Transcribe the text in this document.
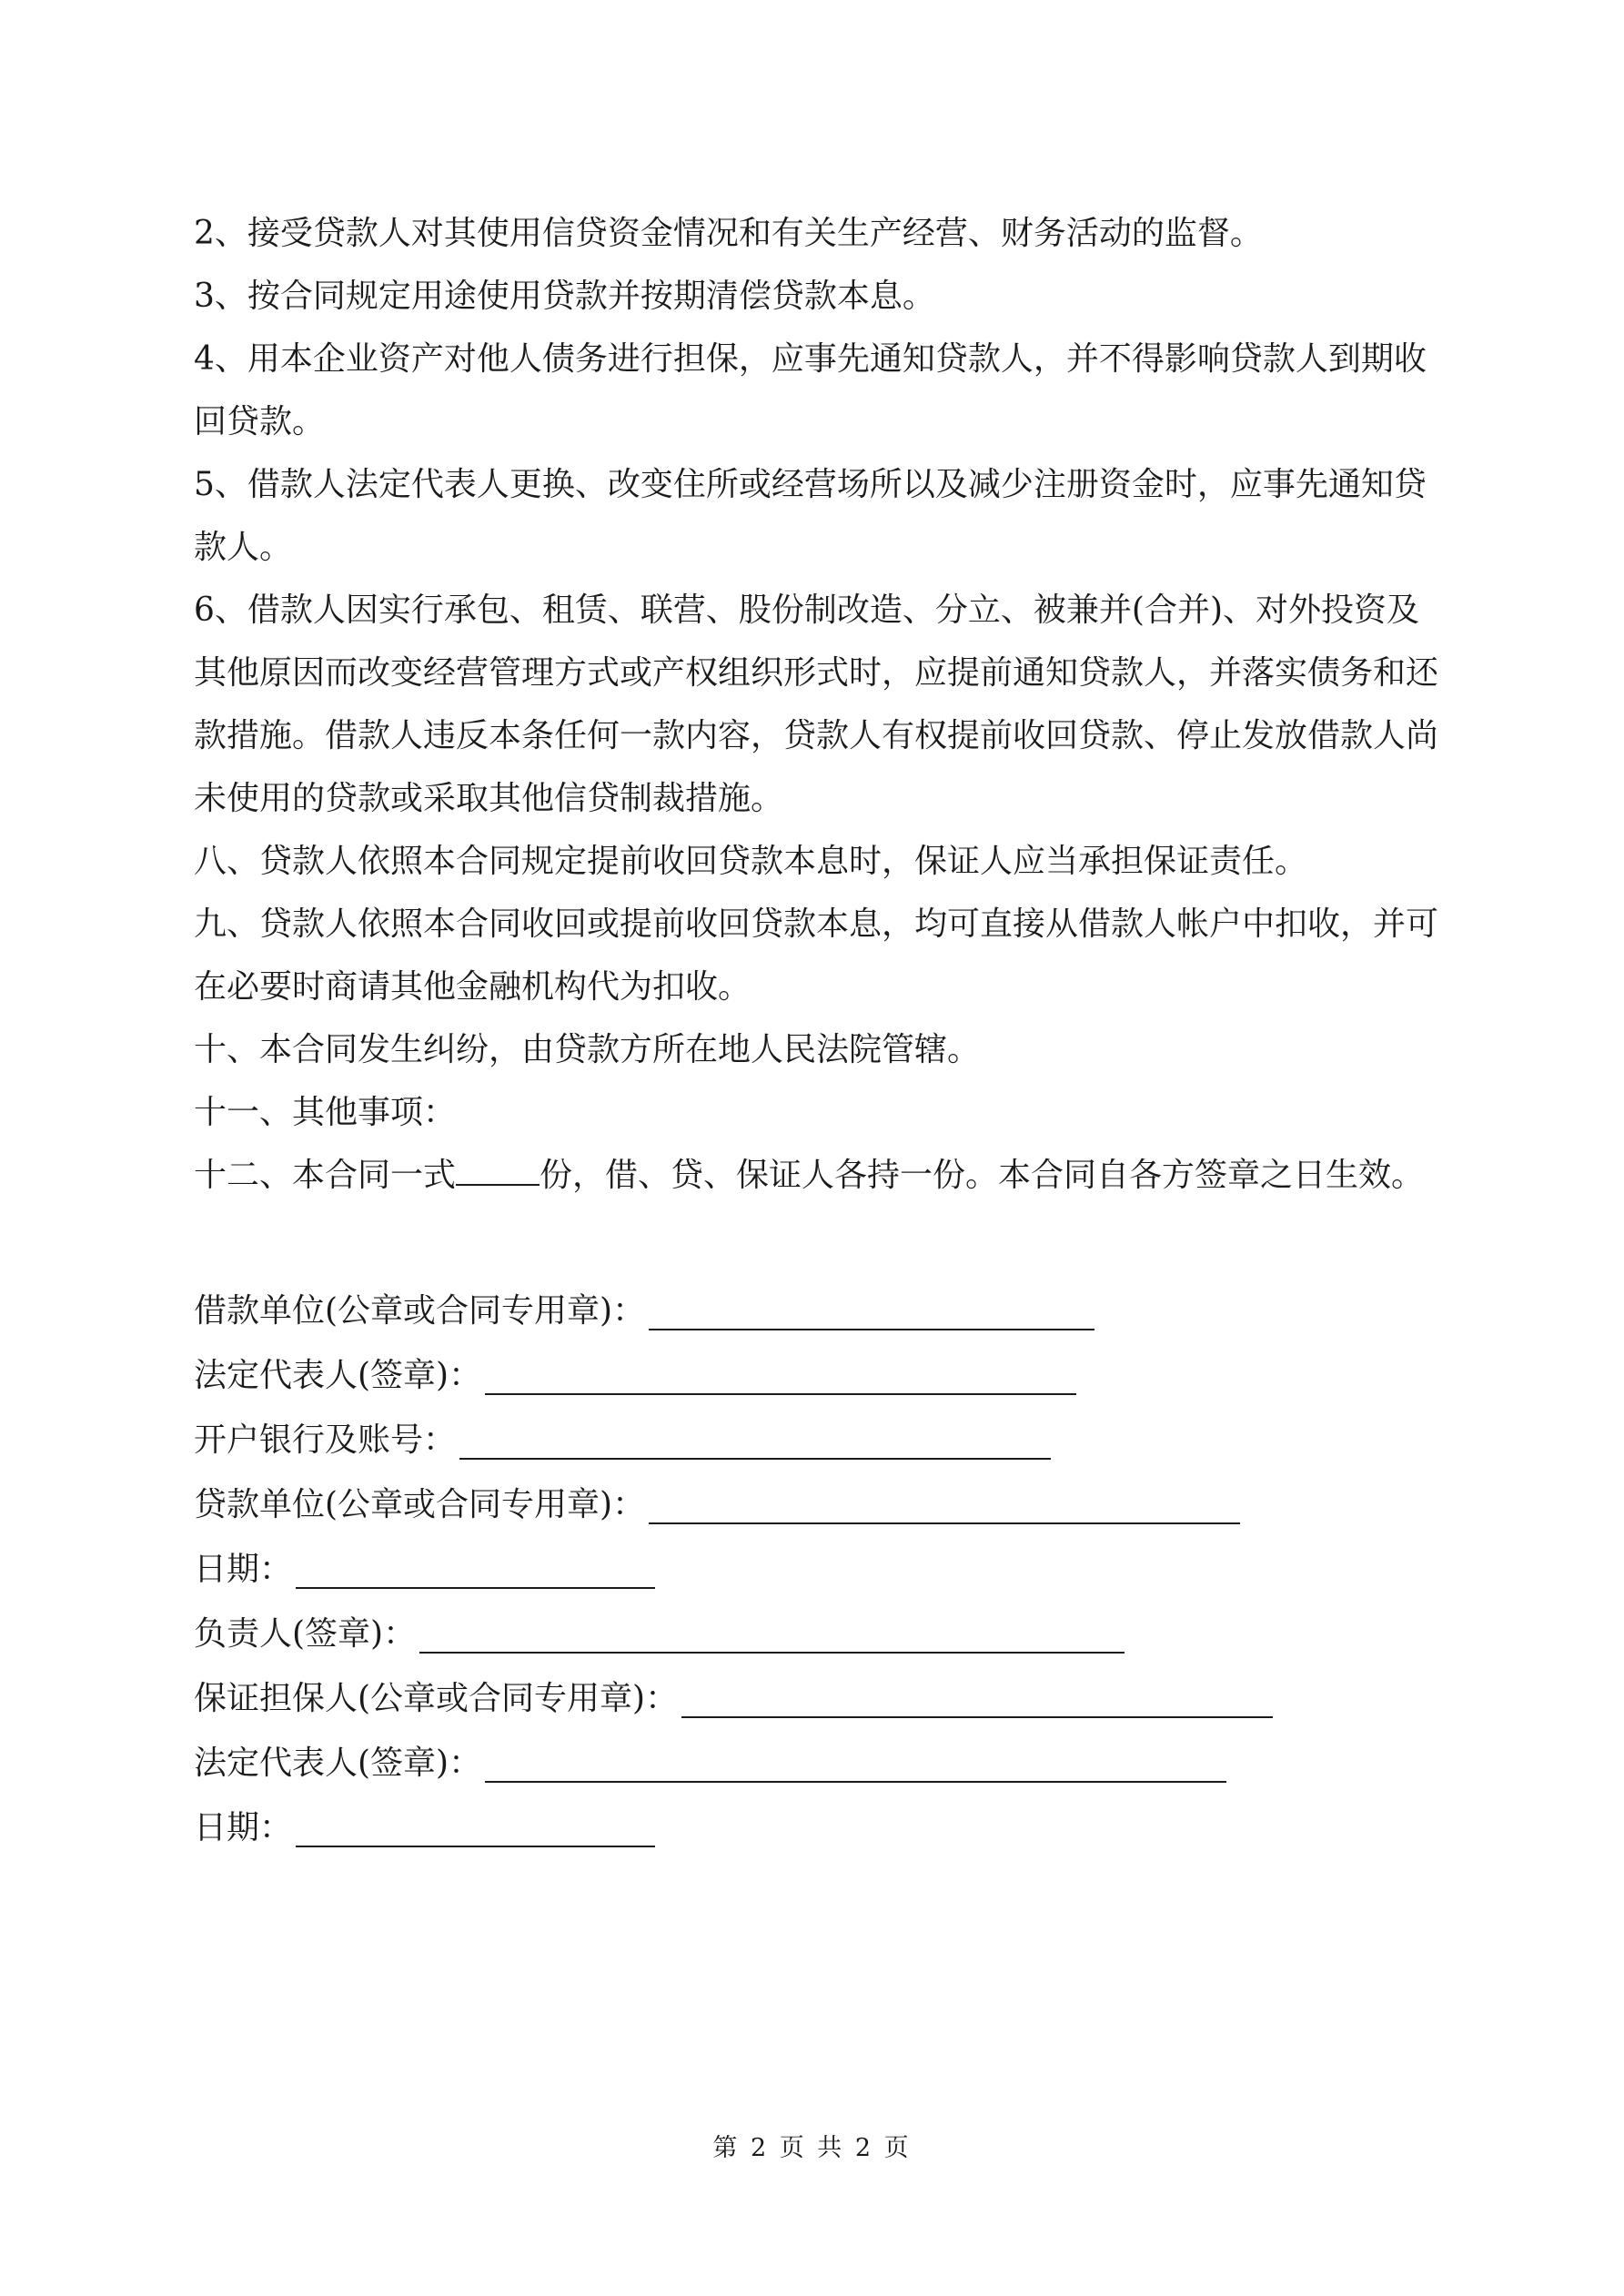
2、接受贷款人对其使用信贷资金情况和有关生产经营、财务活动的监督。

3、按合同规定用途使用贷款并按期清偿贷款本息。

4、用本企业资产对他人债务进行担保，应事先通知贷款人，并不得影响贷款人到期收
回贷款。

5、借款人法定代表人更换、改变住所或经营场所以及减少注册资金时，应事先通知贷
款人。

6、借款人因实行承包、租赁、联营、股份制改造、分立、被兼并(合并)、对外投资及
其他原因而改变经营管理方式或产权组织形式时，应提前通知贷款人，并落实债务和还
款措施。借款人违反本条任何一款内容，贷款人有权提前收回贷款、停止发放借款人尚
未使用的贷款或采取其他信贷制裁措施。

八、贷款人依照本合同规定提前收回贷款本息时，保证人应当承担保证责任。

九、贷款人依照本合同收回或提前收回贷款本息，均可直接从借款人帐户中扣收，并可
在必要时商请其他金融机构代为扣收。

十、本合同发生纠纷，由贷款方所在地人民法院管辖。

十一、其他事项：

十二、本合同一式	份，借、贷、保证人各持一份。本合同自各方签章之日生效。

借款单位(公章或合同专用章)：
法定代表人(签章)：
开户银行及账号：
贷款单位(公章或合同专用章)：
日期：
负责人(签章)：
保证担保人(公章或合同专用章)：
法定代表人(签章)：
日期：
第 2 页 共 2 页
